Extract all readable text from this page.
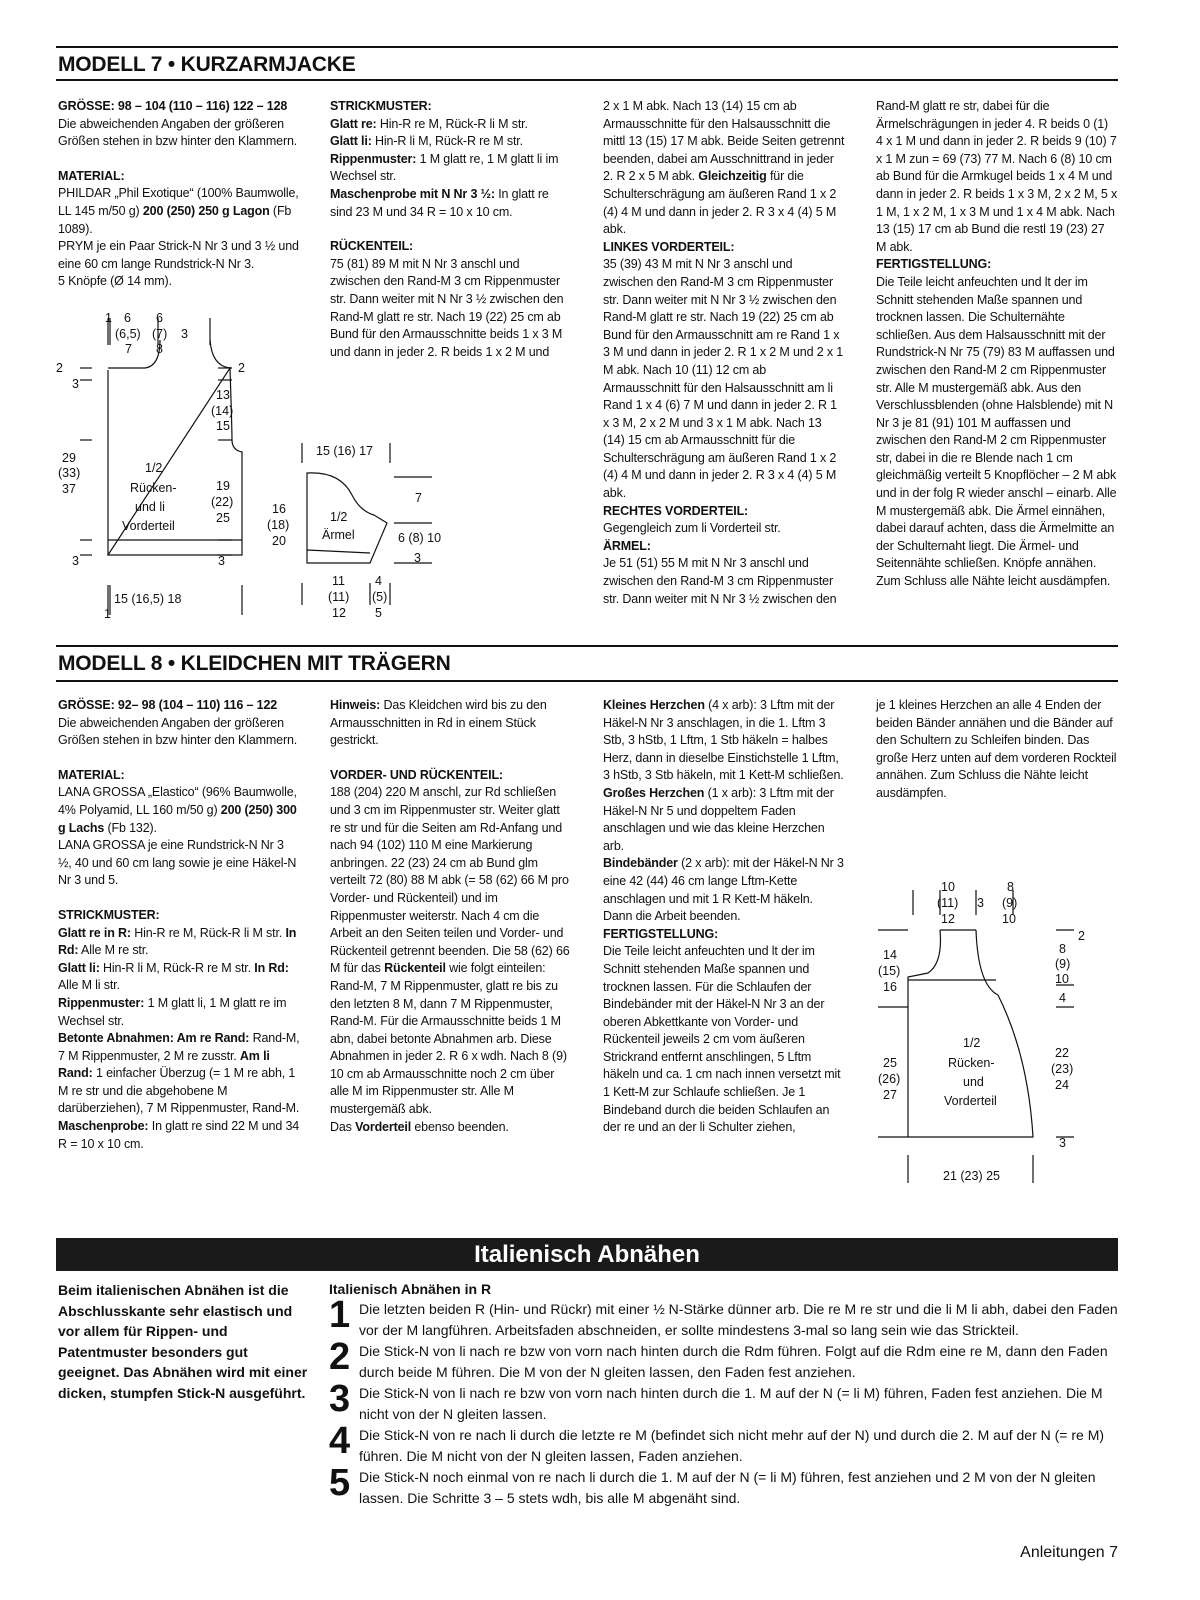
MODELL 7 • KURZARMJACKE
GRÖSSE: 98 – 104 (110 – 116) 122 – 128

Die abweichenden Angaben der größeren Größen stehen in bzw hinter den Klammern.

MATERIAL:

PHILDAR „Phil Exotique“ (100% Baumwolle, LL 145 m/50 g) 200 (250) 250 g Lagon (Fb 1089).

PRYM je ein Paar Strick-N Nr 3 und 3 ½ und eine 60 cm lange Rundstrick-N Nr 3.

5 Knöpfe (Ø 14 mm).

STRICKMUSTER:

Glatt re: Hin-R re M, Rück-R li M str.

Glatt li: Hin-R li M, Rück-R re M str.

Rippenmuster: 1 M glatt re, 1 M glatt li im Wechsel str.

Maschenprobe mit N Nr 3 ½: In glatt re sind 23 M und 34 R = 10 x 10 cm.

RÜCKENTEIL:

75 (81) 89 M mit N Nr 3 anschl und zwischen den Rand-M 3 cm Rippenmuster str. Dann weiter mit N Nr 3 ½ zwischen den Rand-M glatt re str. Nach 19 (22) 25 cm ab Bund für den Armausschnitte beids 1 x 3 M und dann in jeder 2. R beids 1 x 2 M und

2 x 1 M abk. Nach 13 (14) 15 cm ab Armausschnitte für den Halsausschnitt die mittl 13 (15) 17 M abk. Beide Seiten getrennt beenden, dabei am Ausschnittrand in jeder 2. R 2 x 5 M abk. Gleichzeitig für die Schulterschrägung am äußeren Rand 1 x 2 (4) 4 M und dann in jeder 2. R 3 x 4 (4) 5 M abk.

LINKES VORDERTEIL:

35 (39) 43 M mit N Nr 3 anschl und zwischen den Rand-M 3 cm Rippenmuster str. Dann weiter mit N Nr 3 ½ zwischen den Rand-M glatt re str. Nach 19 (22) 25 cm ab Bund für den Armausschnitt am re Rand 1 x 3 M und dann in jeder 2. R 1 x 2 M und 2 x 1 M abk. Nach 10 (11) 12 cm ab Armausschnitt für den Halsausschnitt am li Rand 1 x 4 (6) 7 M und dann in jeder 2. R 1 x 3 M, 2 x 2 M und 3 x 1 M abk. Nach 13 (14) 15 cm ab Armausschnitt für die Schulterschrägung am äußeren Rand 1 x 2 (4) 4 M und dann in jeder 2. R 3 x 4 (4) 5 M abk.

RECHTES VORDERTEIL:

Gegengleich zum li Vorderteil str.

ÄRMEL:

Je 51 (51) 55 M mit N Nr 3 anschl und zwischen den Rand-M 3 cm Rippenmuster str. Dann weiter mit N Nr 3 ½ zwischen den

Rand-M glatt re str, dabei für die Ärmelschrägungen in jeder 4. R beids 0 (1) 4 x 1 M und dann in jeder 2. R beids 9 (10) 7 x 1 M zun = 69 (73) 77 M. Nach 6 (8) 10 cm ab Bund für die Armkugel beids 1 x 4 M und dann in jeder 2. R beids 1 x 3 M, 2 x 2 M, 5 x 1 M, 1 x 2 M, 1 x 3 M und 1 x 4 M abk. Nach 13 (15) 17 cm ab Bund die restl 19 (23) 27 M abk.

FERTIGSTELLUNG:

Die Teile leicht anfeuchten und lt der im Schnitt stehenden Maße spannen und trocknen lassen. Die Schulternähte schließen. Aus dem Halsausschnitt mit der Rundstrick-N Nr 75 (79) 83 M auffassen und zwischen den Rand-M 2 cm Rippenmuster str. Alle M mustergemäß abk. Aus den Verschlussblenden (ohne Halsblende) mit N Nr 3 je 81 (91) 101 M auffassen und zwischen den Rand-M 2 cm Rippenmuster str, dabei in die re Blende nach 1 cm gleichmäßig verteilt 5 Knopflöcher – 2 M abk und in der folg R wieder anschl – einarb. Alle M mustergemäß abk. Die Ärmel einnähen, dabei darauf achten, dass die Ärmelmitte an der Schulternaht liegt. Die Ärmel- und Seitennähte schließen. Knöpfe annähen. Zum Schluss alle Nähte leicht ausdämpfen.

1 6
(6,5)
7
6
(7)
8
3
2
3
2
13
(14)
15
29
(33)
37
1/2
Rücken-
und li
Vorderteil
19
(22)
25
3	3
15 (16,5) 18
1
15 (16) 17
16
(18)
20
1/2
Ärmel
7
6 (8) 10
3
11
(11)
12
4
(5)
5
MODELL 8 • KLEIDCHEN MIT TRÄGERN
GRÖSSE: 92– 98 (104 – 110) 116 – 122

Die abweichenden Angaben der größeren Größen stehen in bzw hinter den Klammern.

MATERIAL:

LANA GROSSA „Elastico“ (96% Baumwolle, 4% Polyamid, LL 160 m/50 g) 200 (250) 300 g Lachs (Fb 132).

LANA GROSSA je eine Rundstrick-N Nr 3 ½, 40 und 60 cm lang sowie je eine Häkel-N Nr 3 und 5.

STRICKMUSTER:

Glatt re in R: Hin-R re M, Rück-R li M str. In Rd: Alle M re str.

Glatt li: Hin-R li M, Rück-R re M str. In Rd: Alle M li str.

Rippenmuster: 1 M glatt li, 1 M glatt re im Wechsel str.

Betonte Abnahmen: Am re Rand: Rand-M, 7 M Rippenmuster, 2 M re zusstr. Am li Rand: 1 einfacher Überzug (= 1 M re abh, 1 M re str und die abgehobene M darüberziehen), 7 M Rippenmuster, Rand-M.

Maschenprobe: In glatt re sind 22 M und 34 R = 10 x 10 cm.

Hinweis: Das Kleidchen wird bis zu den Armausschnitten in Rd in einem Stück gestrickt.

VORDER- UND RÜCKENTEIL:

188 (204) 220 M anschl, zur Rd schließen und 3 cm im Rippenmuster str. Weiter glatt re str und für die Seiten am Rd-Anfang und nach 94 (102) 110 M eine Markierung anbringen. 22 (23) 24 cm ab Bund glm verteilt 72 (80) 88 M abk (= 58 (62) 66 M pro Vorder- und Rückenteil) und im Rippenmuster weiterstr. Nach 4 cm die Arbeit an den Seiten teilen und Vorder- und Rückenteil getrennt beenden. Die 58 (62) 66 M für das Rückenteil wie folgt einteilen: Rand-M, 7 M Rippenmuster, glatt re bis zu den letzten 8 M, dann 7 M Rippenmuster, Rand-M. Für die Armausschnitte beids 1 M abn, dabei betonte Abnahmen arb. Diese Abnahmen in jeder 2. R 6 x wdh. Nach 8 (9) 10 cm ab Armausschnitte noch 2 cm über alle M im Rippenmuster str. Alle M mustergemäß abk.

Das Vorderteil ebenso beenden.

Kleines Herzchen (4 x arb): 3 Lftm mit der Häkel-N Nr 3 anschlagen, in die 1. Lftm 3 Stb, 3 hStb, 1 Lftm, 1 Stb häkeln = halbes Herz, dann in dieselbe Einstichstelle 1 Lftm, 3 hStb, 3 Stb häkeln, mit 1 Kett-M schließen.

Großes Herzchen (1 x arb): 3 Lftm mit der Häkel-N Nr 5 und doppeltem Faden anschlagen und wie das kleine Herzchen arb.

Bindebänder (2 x arb): mit der Häkel-N Nr 3 eine 42 (44) 46 cm lange Lftm-Kette anschlagen und mit 1 R Kett-M häkeln. Dann die Arbeit beenden.

FERTIGSTELLUNG:

Die Teile leicht anfeuchten und lt der im Schnitt stehenden Maße spannen und trocknen lassen. Für die Schlaufen der Bindebänder mit der Häkel-N Nr 3 an der oberen Abkettkante von Vorder- und Rückenteil jeweils 2 cm vom äußeren Strickrand entfernt anschlingen, 5 Lftm häkeln und ca. 1 cm nach innen versetzt mit 1 Kett-M zur Schlaufe schließen. Je 1 Bindeband durch die beiden Schlaufen an der re und an der li Schulter ziehen,

je 1 kleines Herzchen an alle 4 Enden der beiden Bänder annähen und die Bänder auf den Schultern zu Schleifen binden. Das große Herz unten auf dem vorderen Rockteil annähen. Zum Schluss die Nähte leicht ausdämpfen.

10
(11)
12
3
8
(9)
10
2
8
(9)
10
4
14
(15)
16
25
(26)
27
1/2
Rücken-
und
Vorderteil
22
(23)
24
3
21 (23) 25
Italienisch Abnähen
Beim italienischen Abnähen ist die Abschlusskante sehr elastisch und vor allem für Rippen- und Patentmuster besonders gut geeignet. Das Abnähen wird mit einer dicken, stumpfen Stick-N ausgeführt.
Italienisch Abnähen in R
1 Die letzten beiden R (Hin- und Rückr) mit einer ½ N-Stärke dünner arb. Die re M re str und die li M li abh, dabei den Faden vor der M langführen. Arbeitsfaden abschneiden, er sollte mindestens 3-mal so lang sein wie das Strickteil.
2 Die Stick-N von li nach re bzw von vorn nach hinten durch die Rdm führen. Folgt auf die Rdm eine re M, dann den Faden durch beide M führen. Die M von der N gleiten lassen, den Faden fest anziehen.
3 Die Stick-N von li nach re bzw von vorn nach hinten durch die 1. M auf der N (= li M) führen, Faden fest anziehen. Die M nicht von der N gleiten lassen.
4 Die Stick-N von re nach li durch die letzte re M (befindet sich nicht mehr auf der N) und durch die 2. M auf der N (= re M) führen. Die M nicht von der N gleiten lassen, Faden anziehen.
5 Die Stick-N noch einmal von re nach li durch die 1. M auf der N (= li M) führen, fest anziehen und 2 M von der N gleiten lassen. Die Schritte 3 – 5 stets wdh, bis alle M abgenäht sind.
Anleitungen 7
